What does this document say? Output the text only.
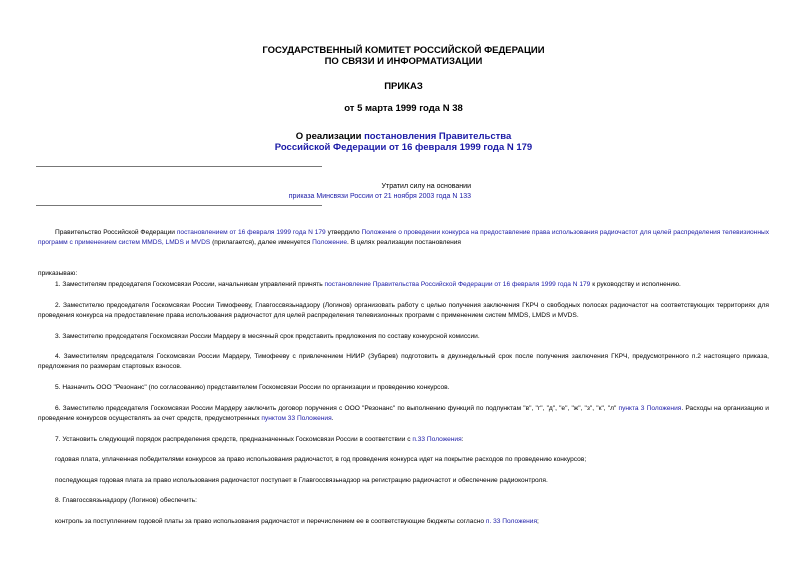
ГОСУДАРСТВЕННЫЙ КОМИТЕТ РОССИЙСКОЙ ФЕДЕРАЦИИ
ПО СВЯЗИ И ИНФОРМАТИЗАЦИИ
ПРИКАЗ
от 5 марта 1999 года N 38
О реализации постановления Правительства
Российской Федерации от 16 февраля 1999 года N 179
Утратил силу на основании
приказа Минсвязи России от 21 ноября 2003 года N 133
Правительство Российской Федерации постановлением от 16 февраля 1999 года N 179 утвердило Положение о проведении конкурса на предоставление права использования радиочастот для целей распределения телевизионных программ с применением систем MMDS, LMDS и MVDS (прилагается), далее именуется Положение. В целях реализации постановления
приказываю:
1. Заместителям председателя Госкомсвязи России, начальникам управлений принять постановление Правительства Российской Федерации от 16 февраля 1999 года N 179 к руководству и исполнению.
2. Заместителю председателя Госкомсвязи России Тимофееву, Главгоссвязьнадзору (Логинов) организовать работу с целью получения заключения ГКРЧ о свободных полосах радиочастот на соответствующих территориях для проведения конкурса на предоставление права использования радиочастот для целей распределения телевизионных программ с применением систем MMDS, LMDS и MVDS.
3. Заместителю председателя Госкомсвязи России Мардеру в месячный срок представить предложения по составу конкурсной комиссии.
4. Заместителям председателя Госкомсвязи России Мардеру, Тимофееву с привлечением НИИР (Зубарев) подготовить в двухнедельный срок после получения заключения ГКРЧ, предусмотренного п.2 настоящего приказа, предложения по размерам стартовых взносов.
5. Назначить ООО "Резонанс" (по согласованию) представителем Госкомсвязи России по организации и проведению конкурсов.
6. Заместителю председателя Госкомсвязи России Мардеру заключить договор поручения с ООО "Резонанс" по выполнению функций по подпунктам "в", "г", "д", "е", "ж", "з", "к", "л" пункта 3 Положения. Расходы на организацию и проведение конкурсов осуществлять за счет средств, предусмотренных пунктом 33 Положения.
7. Установить следующий порядок распределения средств, предназначенных Госкомсвязи России в соответствии с п.33 Положения:
годовая плата, уплаченная победителями конкурсов за право использования радиочастот, в год проведения конкурса идет на покрытие расходов по проведению конкурсов;
последующая годовая плата за право использования радиочастот поступает в Главгоссвязьнадзор на регистрацию радиочастот и обеспечение радиоконтроля.
8. Главгоссвязьнадзору (Логинов) обеспечить:
контроль за поступлением годовой платы за право использования радиочастот и перечислением ее в соответствующие бюджеты согласно п. 33 Положения;
